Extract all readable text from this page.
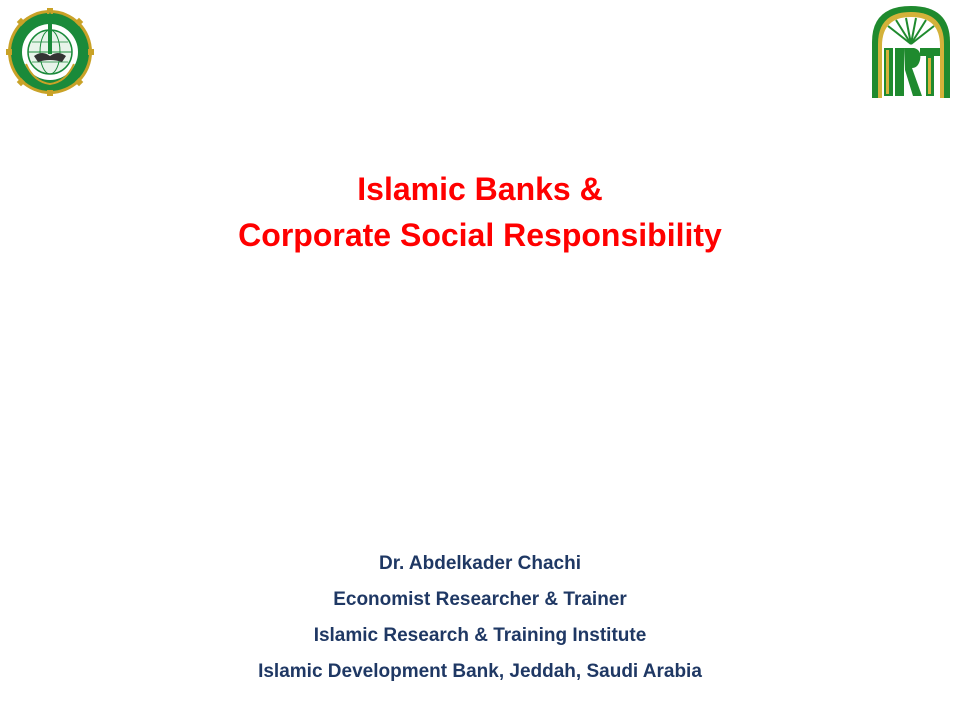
Islamic Banks &
Corporate Social Responsibility
Dr. Abdelkader Chachi
Economist Researcher & Trainer
Islamic Research & Training Institute
Islamic Development Bank, Jeddah, Saudi Arabia
